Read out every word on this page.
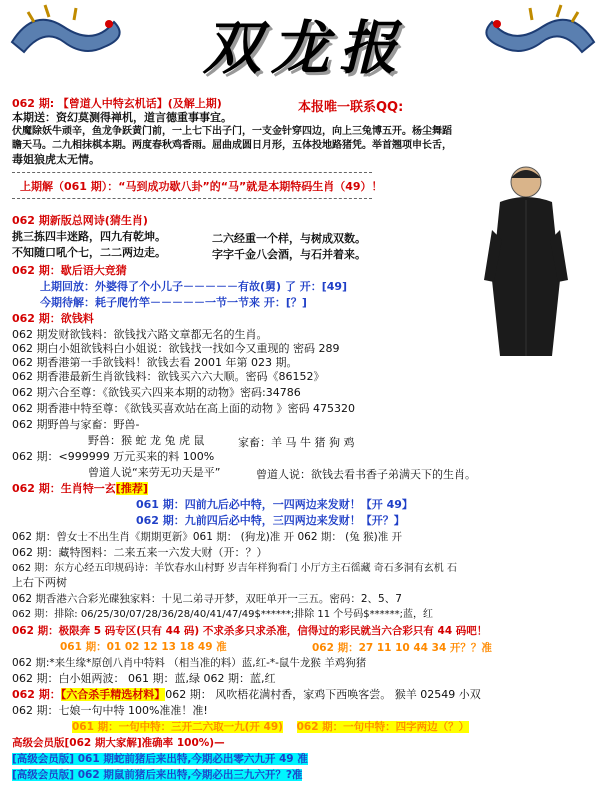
双龙报
本报唯一联系QQ:
062 期: 【曾道人中特玄机话】(及解上期)
本期送：资幻莫测得禅机，道言德重事事宜。
伏魔除妖牛顽辛，鱼龙争跃黄门前，一上七下出子门，一支金针穿四边，向上三兔博五开。杨尘舞蹈
瞻天马。二九相抹棋本期。两度春秋鸡香雨。屈曲成圆日月形，五体投地路猪凭。举首翘项申长舌，
毒姐狼虎太无情。
上期解（061 期）：“马到成功歇八卦”的“马”就是本期特码生肖（49）！
062 期新版总网诗(猜生肖)
挑三拣四丰迷路，四九有乾坤。	二六经重一个样，与树成双数。
不知随口吼个七，二二两边走。	字字千金八会酒，与石并着来。
062 期：歇后语大竞猜
上期回放：外婆得了个小儿子－－－－－有故(舅) 了 开：[49]
今期待解：耗子爬竹竿－－－－－一节一节来 开：[？]
062 期：欲钱料
062 期发财欲钱料：欲钱找六路文章都无名的生肖。
062 期白小姐欲钱料白小姐说：欲钱找一找如今又重现的 密码 289
062 期香港第一手欲钱料！欲钱去看 2001 年第 023 期。
062 期香港最新生肖欲钱料：欲钱买六六大顺。密码《86152》
062 期六合至尊：《欲钱买六四来本期的动物》密码:34786
062 期香港中特至尊：《欲钱买喜欢站在高上面的动物 》密码 475320
062 期野兽与家畜：野兽-
野兽：猴 蛇 龙 兔 虎 鼠	家畜：羊 马 牛 猪 狗 鸡
062 期：<999999 万元买来的料 100%
曾道人说“来劳无功天是平”	曾道人说：欲钱去看书香子弟满天下的生肖。
062 期：生肖特一玄[推荐]
061 期：四前九后必中特，一四两边来发财！【开 49】
062 期：九前四后必中特，三四两边来发财！【开？】
062 期：曾女士不出生肖《期期更新》061 期： (狗龙)准 开 062 期： (兔 猴)准 开
062 期：藏特图料：二来五来一六发大财（开：？）
062 期：东方心经五印规码诗：羊饮春水山村野 岁吉年样狗看门 小厅方主石徭藏 奇石多洞有玄机 石
上右下两树
062 期香港六合彩光碟独家料：十见二弟寻开梦，双旺单开一三五。密码：2、5、7
062 期：排除: 06/25/30/07/28/36/28/40/41/47/49$******;排除 11 个号码$******;蓝，红
062 期：极限奔 5 码专区(只有 44 码) 不求杀多只求杀准，信得过的彩民就当六合彩只有 44 码吧！
061 期：01 02 12 13 18 49 准	062 期：27 11 10 44 34 开？？准
062 期:*来生缘*原创八肖中特料 （相当准的料）蓝,红-*-鼠牛龙猴 羊鸡狗猪
062 期：白小姐两波： 061 期：蓝,绿 062 期：蓝,红
062 期：【六合杀手精选材料】062 期： 风吹梧花满村香，家鸡下西唤客尝。 猴羊 02549 小双
062 期：七娘一句中特 100%准准！准!
061 期：一句中特：三开二六取一九(开 49) 062 期：一句中特：四字两边（？）
高级会员版[062 期大家解]准确率 100%)—
[高级会员版] 061 期蛇前猪后来出特,今期必出零六九开 49 准
[高级会员版] 062 期鼠前猪后来出特,今期必出三九六开？?准
